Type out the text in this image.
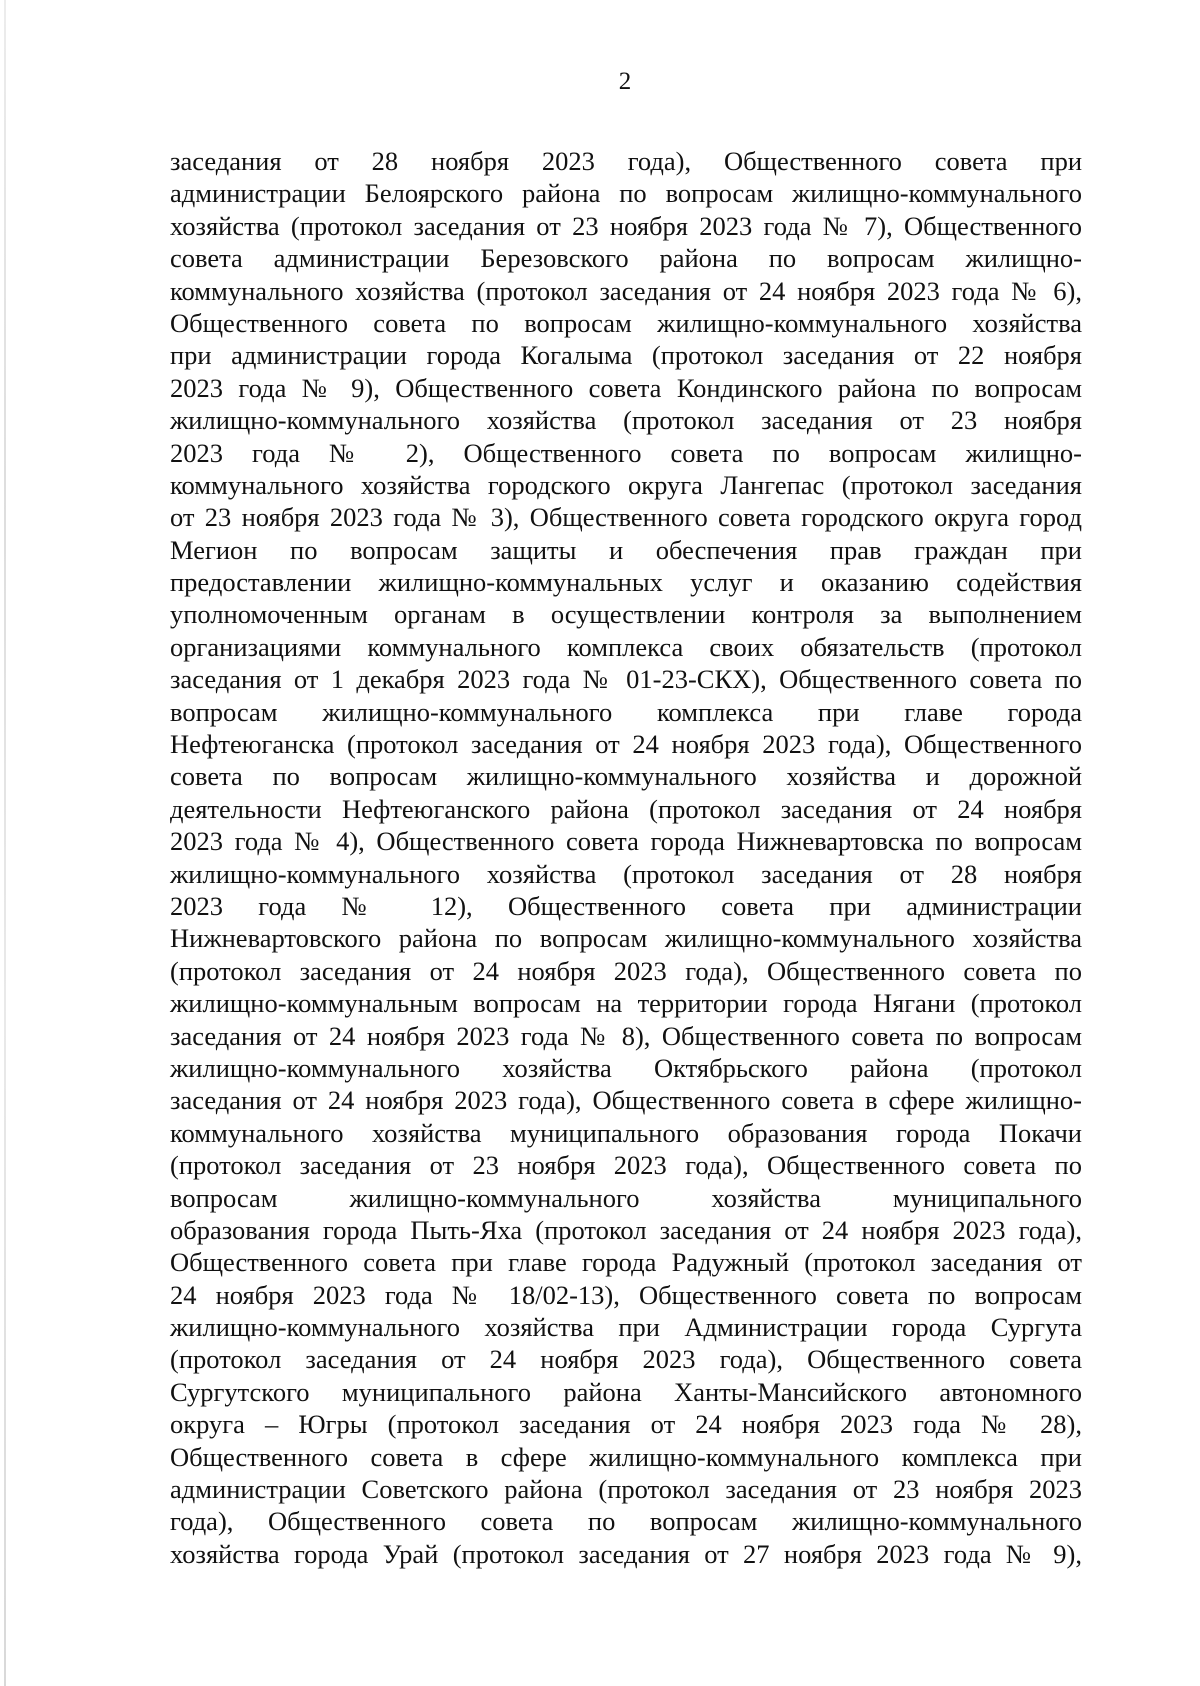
2
заседания от 28 ноября 2023 года), Общественного совета при
администрации Белоярского района по вопросам жилищно-коммунального
хозяйства (протокол заседания от 23 ноября 2023 года № 7), Общественного
совета администрации Березовского района по вопросам жилищно-
коммунального хозяйства (протокол заседания от 24 ноября 2023 года № 6),
Общественного совета по вопросам жилищно-коммунального хозяйства
при администрации города Когалыма (протокол заседания от 22 ноября
2023 года № 9), Общественного совета Кондинского района по вопросам
жилищно-коммунального хозяйства (протокол заседания от 23 ноября
2023 года № 2), Общественного совета по вопросам жилищно-
коммунального хозяйства городского округа Лангепас (протокол заседания
от 23 ноября 2023 года № 3), Общественного совета городского округа город
Мегион по вопросам защиты и обеспечения прав граждан при
предоставлении жилищно-коммунальных услуг и оказанию содействия
уполномоченным органам в осуществлении контроля за выполнением
организациями коммунального комплекса своих обязательств (протокол
заседания от 1 декабря 2023 года № 01-23-СКХ), Общественного совета по
вопросам жилищно-коммунального комплекса при главе города
Нефтеюганска (протокол заседания от 24 ноября 2023 года), Общественного
совета по вопросам жилищно-коммунального хозяйства и дорожной
деятельности Нефтеюганского района (протокол заседания от 24 ноября
2023 года № 4), Общественного совета города Нижневартовска по вопросам
жилищно-коммунального хозяйства (протокол заседания от 28 ноября
2023 года № 12), Общественного совета при администрации
Нижневартовского района по вопросам жилищно-коммунального хозяйства
(протокол заседания от 24 ноября 2023 года), Общественного совета по
жилищно-коммунальным вопросам на территории города Нягани (протокол
заседания от 24 ноября 2023 года № 8), Общественного совета по вопросам
жилищно-коммунального хозяйства Октябрьского района (протокол
заседания от 24 ноября 2023 года), Общественного совета в сфере жилищно-
коммунального хозяйства муниципального образования города Покачи
(протокол заседания от 23 ноября 2023 года), Общественного совета по
вопросам жилищно-коммунального хозяйства муниципального
образования города Пыть-Яха (протокол заседания от 24 ноября 2023 года),
Общественного совета при главе города Радужный (протокол заседания от
24 ноября 2023 года № 18/02-13), Общественного совета по вопросам
жилищно-коммунального хозяйства при Администрации города Сургута
(протокол заседания от 24 ноября 2023 года), Общественного совета
Сургутского муниципального района Ханты-Мансийского автономного
округа – Югры (протокол заседания от 24 ноября 2023 года № 28),
Общественного совета в сфере жилищно-коммунального комплекса при
администрации Советского района (протокол заседания от 23 ноября 2023
года), Общественного совета по вопросам жилищно-коммунального
хозяйства города Урай (протокол заседания от 27 ноября 2023 года № 9),
